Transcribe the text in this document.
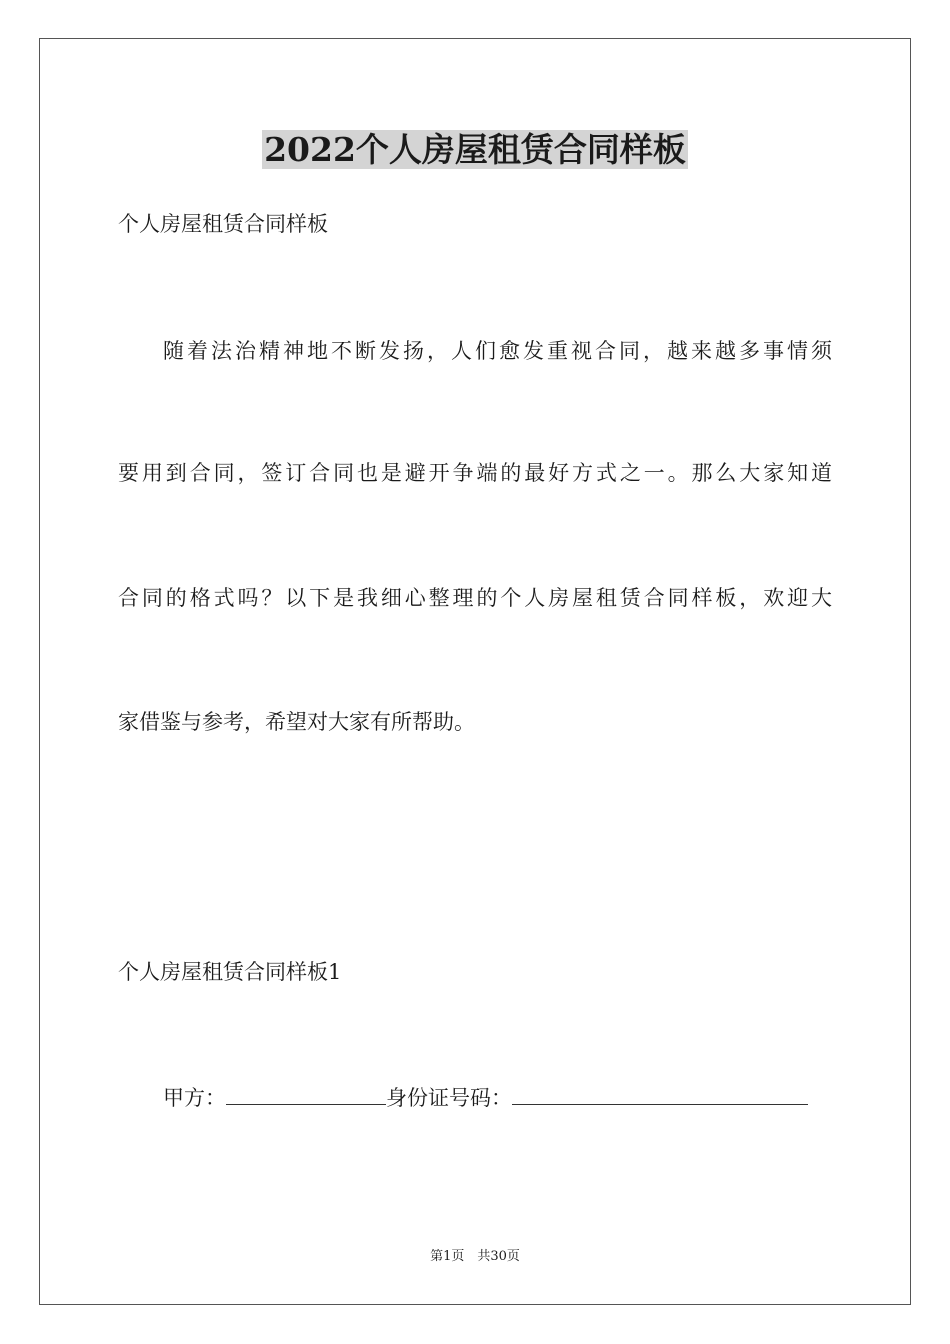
2022个人房屋租赁合同样板

个人房屋租赁合同样板

随着法治精神地不断发扬，人们愈发重视合同，越来越多事情须

要用到合同，签订合同也是避开争端的最好方式之一。那么大家知道

合同的格式吗？以下是我细心整理的个人房屋租赁合同样板，欢迎大

家借鉴与参考，希望对大家有所帮助。

个人房屋租赁合同样板1

甲方：	身份证号码：

第1页　共30页
